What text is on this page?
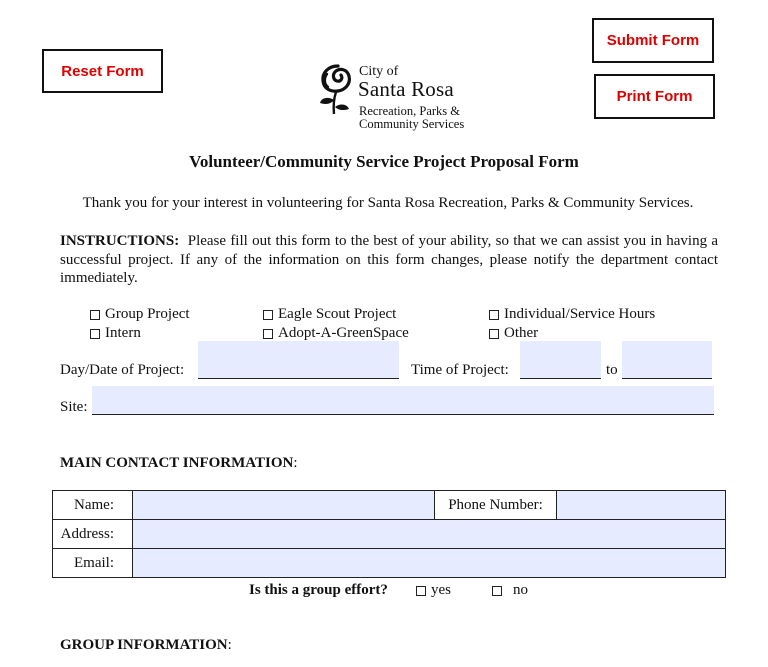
Reset Form
Submit Form
Print Form
City of
Santa Rosa
Recreation, Parks &
Community Services
Volunteer/Community Service Project Proposal Form
Thank you for your interest in volunteering for Santa Rosa Recreation, Parks & Community Services.
INSTRUCTIONS: Please fill out this form to the best of your ability, so that we can assist you in having a successful project. If any of the information on this form changes, please notify the department contact immediately.
Group Project
Intern
Eagle Scout Project
Adopt-A-GreenSpace
Individual/Service Hours
Other
Day/Date of Project:	Time of Project:	to
Site:
MAIN CONTACT INFORMATION:
Name:		Phone Number:	
Address:			
Email:			
Is this a group effort?	yes	no
GROUP INFORMATION:
